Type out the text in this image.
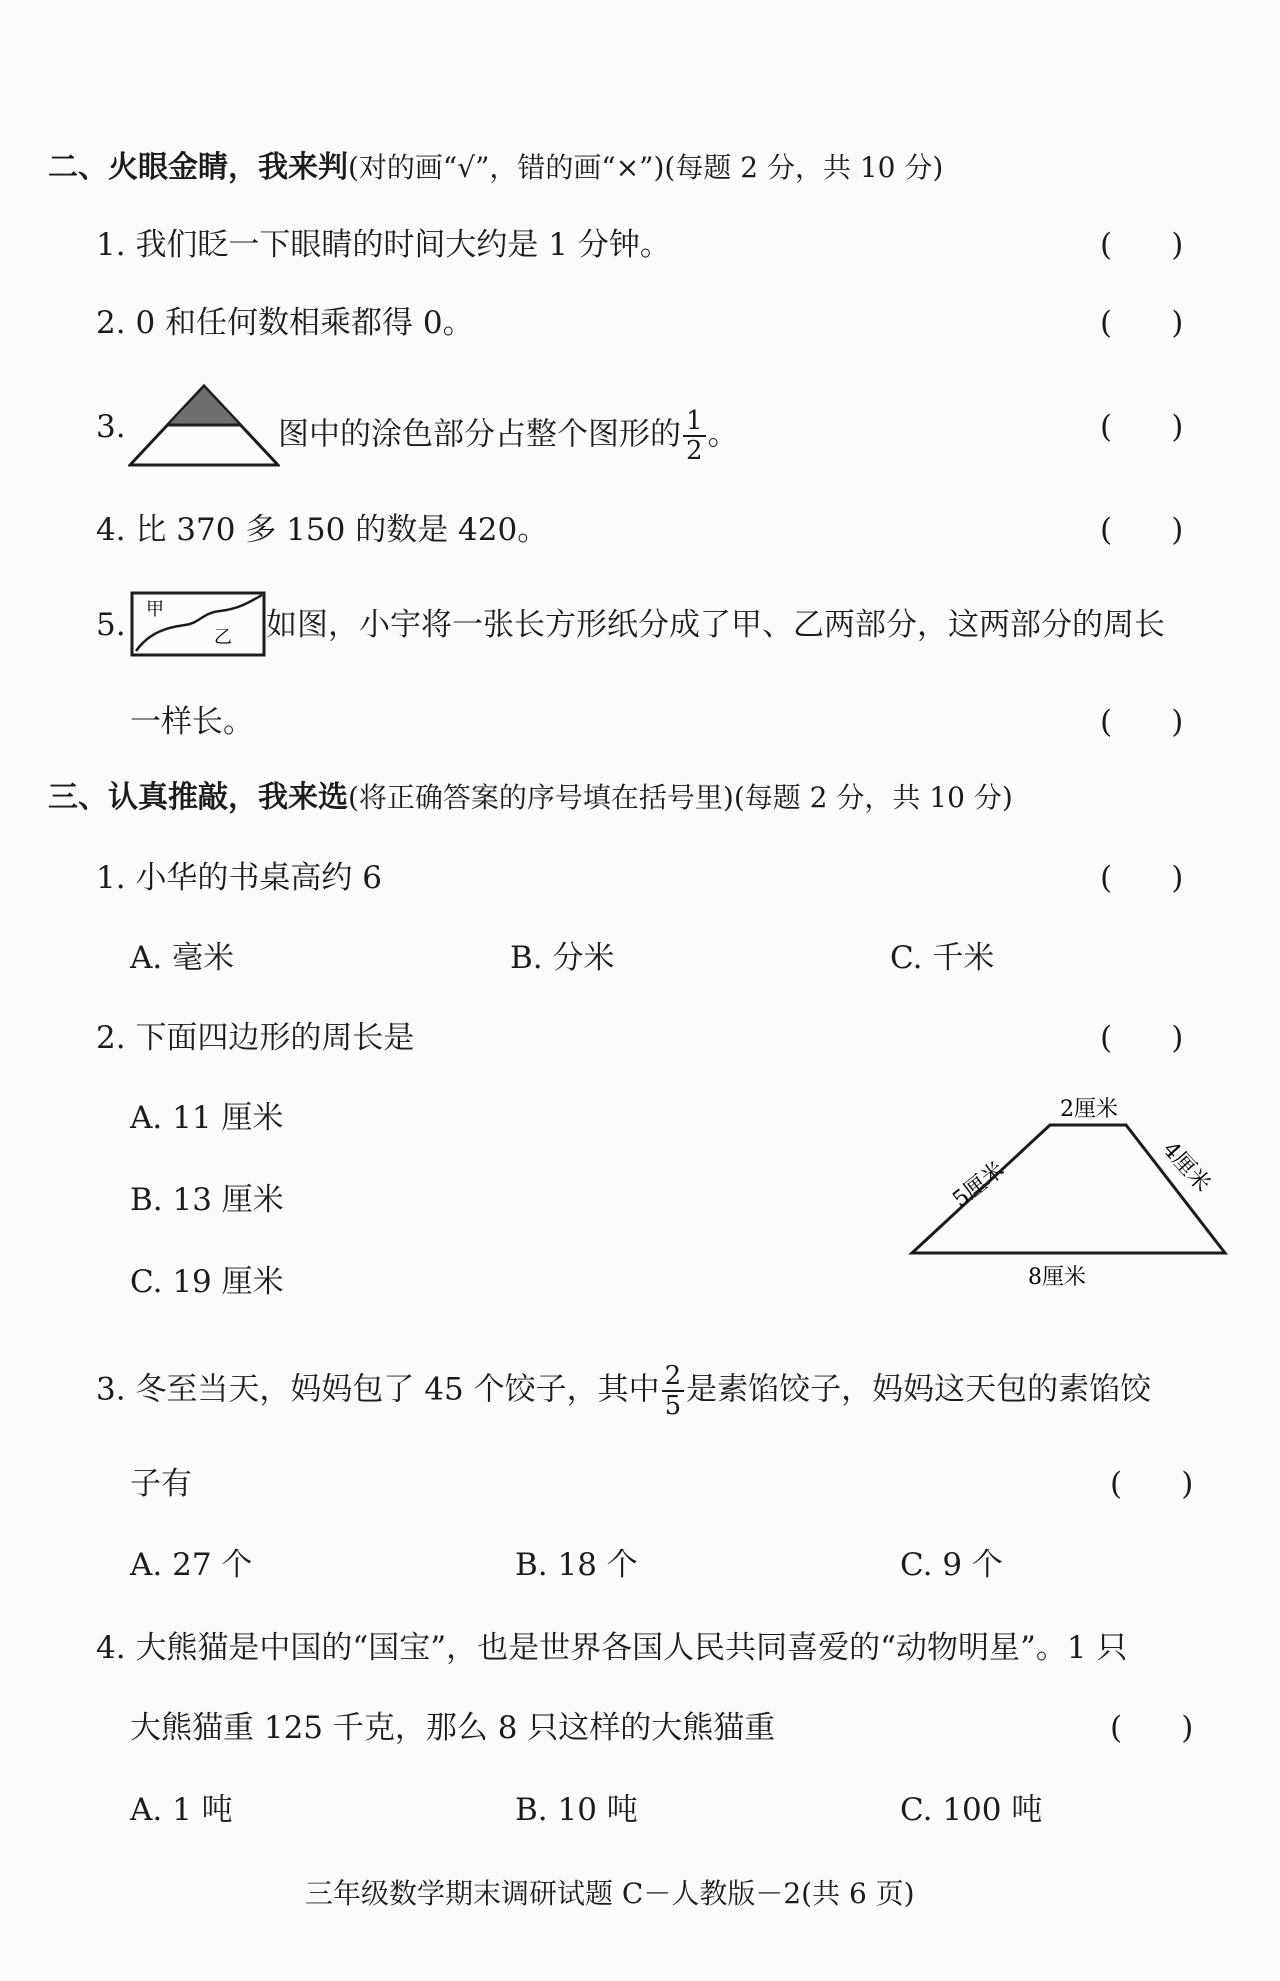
二、火眼金睛，我来判(对的画“√”，错的画“×”)(每题 2 分，共 10 分)
1. 我们眨一下眼睛的时间大约是 1 分钟。	(      )
2. 0 和任何数相乘都得 0。	(      )
3.	图中的涂色部分占整个图形的 $\frac{1}{2}$ 。	(      )
4. 比 370 多 150 的数是 420。	(      )
5. 甲
乙 如图，小宇将一张长方形纸分成了甲、乙两部分，这两部分的周长
一样长。	(      )
三、认真推敲，我来选(将正确答案的序号填在括号里)(每题 2 分，共 10 分)
1. 小华的书桌高约 6	(      )
A. 毫米	B. 分米	C. 千米
2. 下面四边形的周长是	(      )
A. 11 厘米
B. 13 厘米
C. 19 厘米
2厘米
5厘米	4厘米
8厘米
3. 冬至当天，妈妈包了 45 个饺子，其中 $\frac{2}{5}$ 是素馅饺子，妈妈这天包的素馅饺
子有	(      )
A. 27 个	B. 18 个	C. 9 个
4. 大熊猫是中国的“国宝”，也是世界各国人民共同喜爱的“动物明星”。1 只
大熊猫重 125 千克，那么 8 只这样的大熊猫重	(      )
A. 1 吨	B. 10 吨	C. 100 吨
三年级数学期末调研试题 C－人教版－2(共 6 页)
